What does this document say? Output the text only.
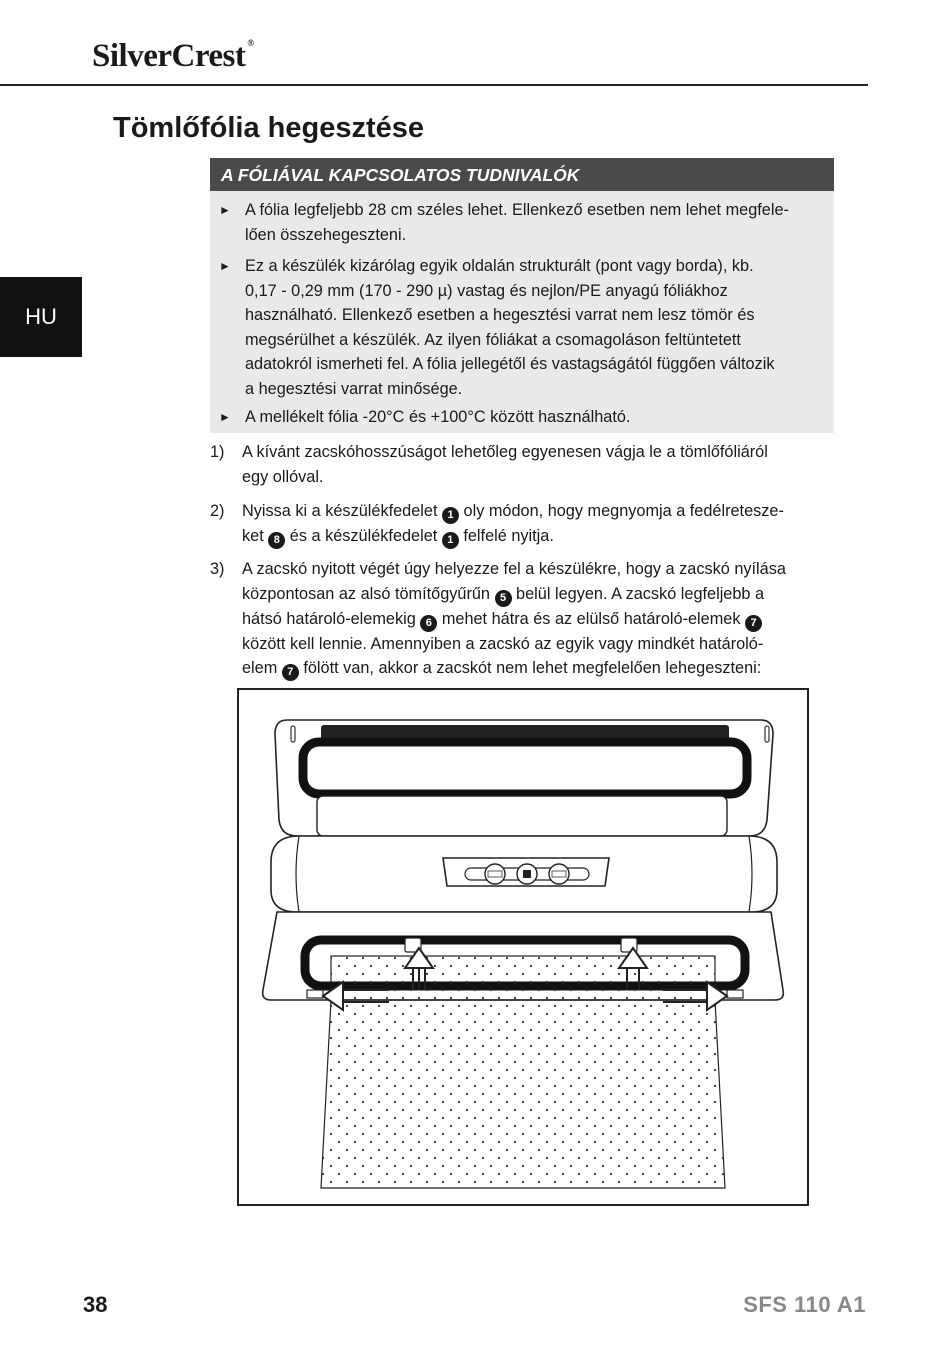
SilverCrest ®
HU
Tömlőfólia hegesztése
A FÓLIÁVAL KAPCSOLATOS TUDNIVALÓK
► A fólia legfeljebb 28 cm széles lehet. Ellenkező esetben nem lehet megfele-
lően összehegeszteni.
► Ez a készülék kizárólag egyik oldalán strukturált (pont vagy borda), kb.
0,17 - 0,29 mm (170 - 290 µ) vastag és nejlon/PE anyagú fóliákhoz
használható. Ellenkező esetben a hegesztési varrat nem lesz tömör és
megsérülhet a készülék. Az ilyen fóliákat a csomagoláson feltüntetett
adatokról ismerheti fel. A fólia jellegétől és vastagságától függően változik
a hegesztési varrat minősége.
► A mellékelt fólia -20°C és +100°C között használható.
1) A kívánt zacskóhosszúságot lehetőleg egyenesen vágja le a tömlőfóliáról
egy ollóval.
2) Nyissa ki a készülékfedelet 1 oly módon, hogy megnyomja a fedélretesze-
ket 8 és a készülékfedelet 1 felfelé nyitja.
3) A zacskó nyitott végét úgy helyezze fel a készülékre, hogy a zacskó nyílása
központosan az alsó tömítőgyűrűn 5 belül legyen. A zacskó legfeljebb a
hátsó határoló-elemekig 6 mehet hátra és az elülső határoló-elemek 7
között kell lennie. Amennyiben a zacskó az egyik vagy mindkét határoló-
elem 7 fölött van, akkor a zacskót nem lehet megfelelően lehegeszteni:
38	SFS 110 A1
